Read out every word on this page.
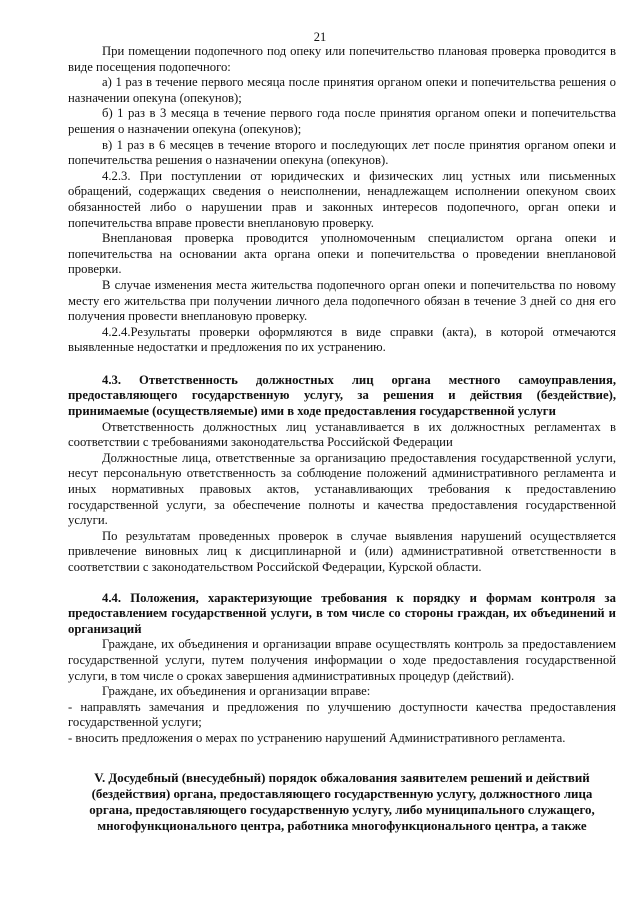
21

При помещении подопечного под опеку или попечительство плановая проверка проводится в виде посещения подопечного:

а) 1 раз в течение первого месяца после принятия органом опеки и попечительства решения о назначении опекуна (опекунов);

б) 1 раз в 3 месяца в течение первого года после принятия органом опеки и попечительства решения о назначении опекуна (опекунов);

в) 1 раз в 6 месяцев в течение второго и последующих лет после принятия органом опеки и попечительства решения о назначении опекуна (опекунов).

4.2.3. При поступлении от юридических и физических лиц устных или письменных обращений, содержащих сведения о неисполнении, ненадлежащем исполнении опекуном своих обязанностей либо о нарушении прав и законных интересов подопечного, орган опеки и попечительства вправе провести внеплановую проверку.

Внеплановая проверка проводится уполномоченным специалистом органа опеки и попечительства на основании акта органа опеки и попечительства о проведении внеплановой проверки.

В случае изменения места жительства подопечного орган опеки и попечительства по новому месту его жительства при получении личного дела подопечного обязан в течение 3 дней со дня его получения провести внеплановую проверку.

4.2.4.Результаты проверки оформляются в виде справки (акта), в которой отмечаются выявленные недостатки и предложения по их устранению.

4.3. Ответственность должностных лиц органа местного самоуправления, предоставляющего государственную услугу, за решения и действия (бездействие), принимаемые (осуществляемые) ими в ходе предоставления государственной услуги

Ответственность должностных лиц устанавливается в их должностных регламентах в соответствии с требованиями законодательства Российской Федерации

Должностные лица, ответственные за организацию предоставления государственной услуги, несут персональную ответственность за соблюдение положений административного регламента и иных нормативных правовых актов, устанавливающих требования к предоставлению государственной услуги, за обеспечение полноты и качества предоставления государственной услуги.

По результатам проведенных проверок в случае выявления нарушений осуществляется привлечение виновных лиц к дисциплинарной и (или) административной ответственности в соответствии с законодательством Российской Федерации, Курской области.

4.4. Положения, характеризующие требования к порядку и формам контроля за предоставлением государственной услуги, в том числе со стороны граждан, их объединений и организаций

Граждане, их объединения и организации вправе осуществлять контроль за предоставлением государственной услуги, путем получения информации о ходе предоставления государственной услуги, в том числе о сроках завершения административных процедур (действий).

Граждане, их объединения и организации вправе:

- направлять замечания и предложения по улучшению доступности качества предоставления государственной услуги;

- вносить предложения о мерах по устранению нарушений Административного регламента.

V. Досудебный (внесудебный) порядок обжалования заявителем решений и действий (бездействия) органа, предоставляющего государственную услугу, должностного лица органа, предоставляющего государственную услугу, либо муниципального служащего, многофункционального центра, работника многофункционального центра, а также
